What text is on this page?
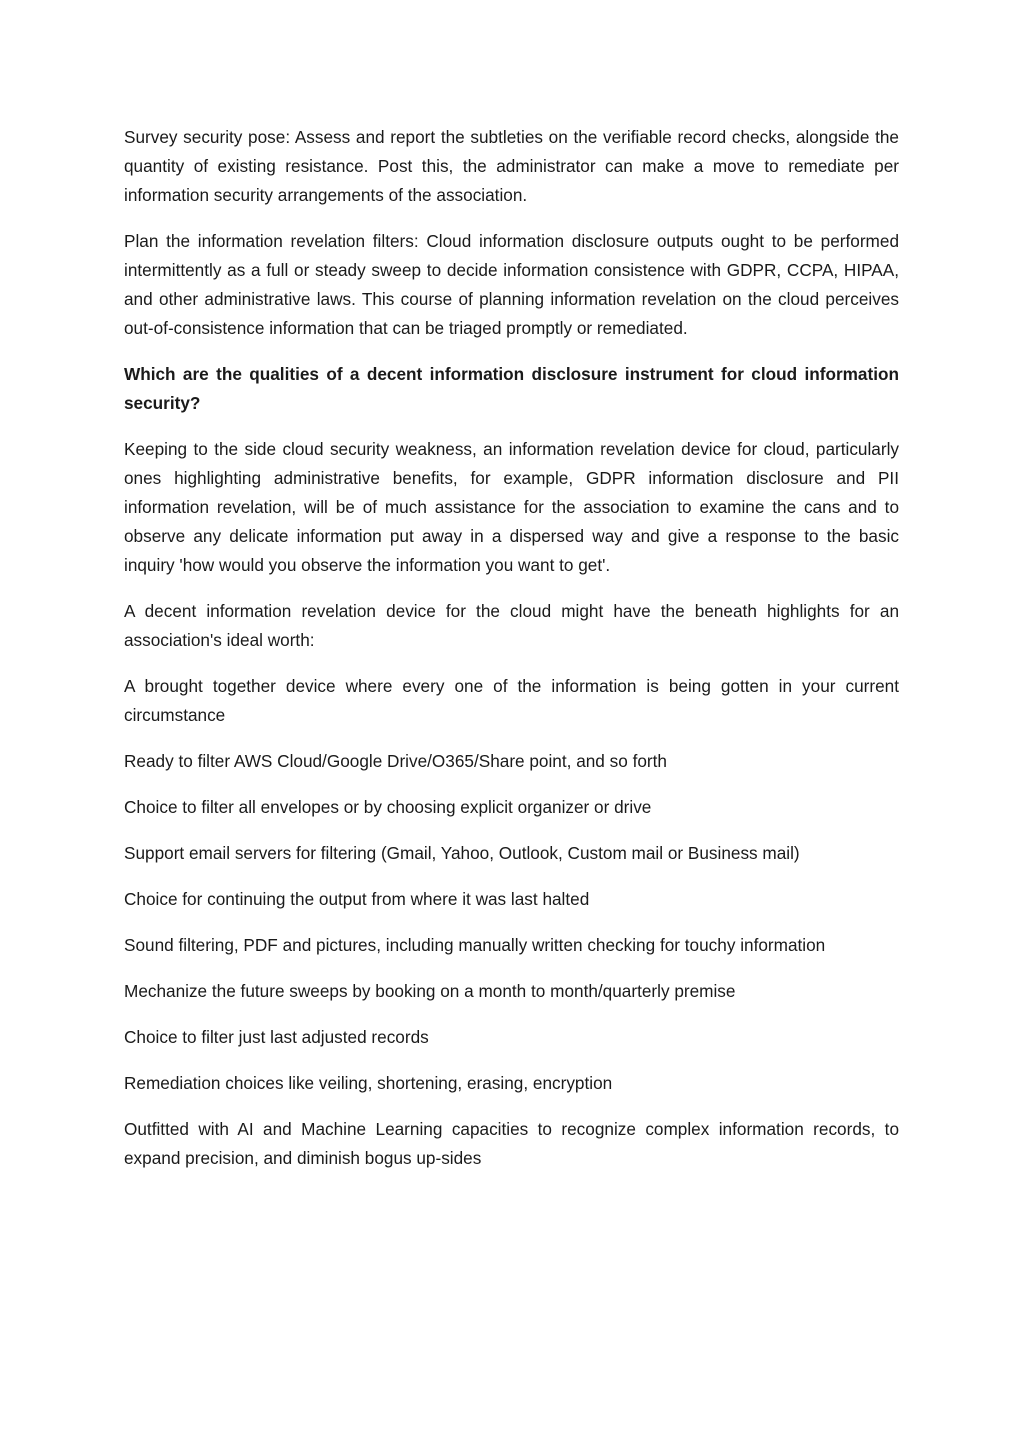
Survey security pose: Assess and report the subtleties on the verifiable record checks, alongside the quantity of existing resistance. Post this, the administrator can make a move to remediate per information security arrangements of the association.

Plan the information revelation filters: Cloud information disclosure outputs ought to be performed intermittently as a full or steady sweep to decide information consistence with GDPR, CCPA, HIPAA, and other administrative laws. This course of planning information revelation on the cloud perceives out-of-consistence information that can be triaged promptly or remediated.

Which are the qualities of a decent information disclosure instrument for cloud information security?

Keeping to the side cloud security weakness, an information revelation device for cloud, particularly ones highlighting administrative benefits, for example, GDPR information disclosure and PII information revelation, will be of much assistance for the association to examine the cans and to observe any delicate information put away in a dispersed way and give a response to the basic inquiry 'how would you observe the information you want to get'.

A decent information revelation device for the cloud might have the beneath highlights for an association's ideal worth:

A brought together device where every one of the information is being gotten in your current circumstance

Ready to filter AWS Cloud/Google Drive/O365/Share point, and so forth

Choice to filter all envelopes or by choosing explicit organizer or drive

Support email servers for filtering (Gmail, Yahoo, Outlook, Custom mail or Business mail)

Choice for continuing the output from where it was last halted

Sound filtering, PDF and pictures, including manually written checking for touchy information

Mechanize the future sweeps by booking on a month to month/quarterly premise

Choice to filter just last adjusted records

Remediation choices like veiling, shortening, erasing, encryption

Outfitted with AI and Machine Learning capacities to recognize complex information records, to expand precision, and diminish bogus up-sides
